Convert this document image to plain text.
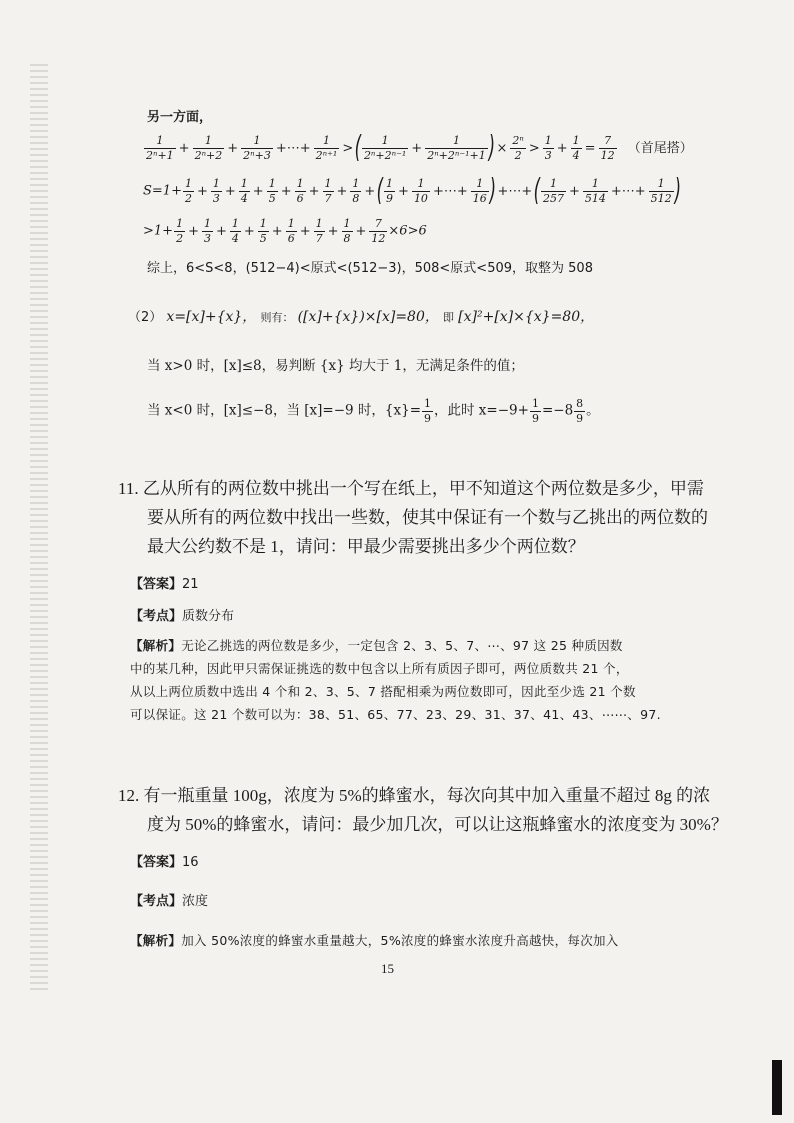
另一方面，
$\frac{1}{\text{2ⁿ+1}} + \frac{1}{\text{2ⁿ+2}} + \frac{1}{\text{2ⁿ+3}}$ +⋯+ $\frac{1}{\text{2ⁿ⁺¹}}$ >( $\frac{1}{\text{2ⁿ+2ⁿ⁻¹}} + \frac{1}{\text{2ⁿ+2ⁿ⁻¹+1}}$ ) × $\frac{\text{2ⁿ}}{2} > \frac{1}{3} + \frac{1}{4} = \frac{7}{12}$ （首尾搭）
$S=1+ \frac{1}{2} + \frac{1}{3} + \frac{1}{4} + \frac{1}{5} + \frac{1}{6} + \frac{1}{7} + \frac{1}{8}$ +( $\frac{1}{9} + \frac{1}{10}$ +⋯+ $\frac{1}{16}$ ) +⋯+( $\frac{1}{257} + \frac{1}{514}$ +⋯+ $\frac{1}{512}$ )
$>1+ \frac{1}{2} + \frac{1}{3} + \frac{1}{4} + \frac{1}{5} + \frac{1}{6} + \frac{1}{7} + \frac{1}{8} + \frac{7}{12} \times 6>6$
综上，6<S<8，(512−4)<原式<(512−3)，508<原式<509，取整为 508
（2） x=[x]+{x}， 则有： ([x]+{x})×[x]=80， 即 [x]²+[x]×{x}=80，
当 x>0 时，[x]≤8，易判断 {x} 均大于 1，无满足条件的值；
当 x<0 时，[x]≤−8，当 [x]=−9 时，$\{x\}= \frac{1}{9}$ ，此时 $x=-9+ \frac{1}{9} =-8 \frac{8}{9}$ 。
11. 乙从所有的两位数中挑出一个写在纸上，甲不知道这个两位数是多少，甲需
要从所有的两位数中找出一些数，使其中保证有一个数与乙挑出的两位数的
最大公约数不是 1，请问：甲最少需要挑出多少个两位数？
【答案】21
【考点】质数分布
【解析】无论乙挑选的两位数是多少，一定包含 2、3、5、7、⋯、97 这 25 种质因数
中的某几种，因此甲只需保证挑选的数中包含以上所有质因子即可，两位质数共 21 个，
从以上两位质数中选出 4 个和 2、3、5、7 搭配相乘为两位数即可，因此至少选 21 个数
可以保证。这 21 个数可以为：38、51、65、77、23、29、31、37、41、43、⋯⋯、97.
12. 有一瓶重量 100g，浓度为 5%的蜂蜜水，每次向其中加入重量不超过 8g 的浓
度为 50%的蜂蜜水，请问：最少加几次，可以让这瓶蜂蜜水的浓度变为 30%？
【答案】16
【考点】浓度
【解析】加入 50%浓度的蜂蜜水重量越大，5%浓度的蜂蜜水浓度升高越快，每次加入
15
